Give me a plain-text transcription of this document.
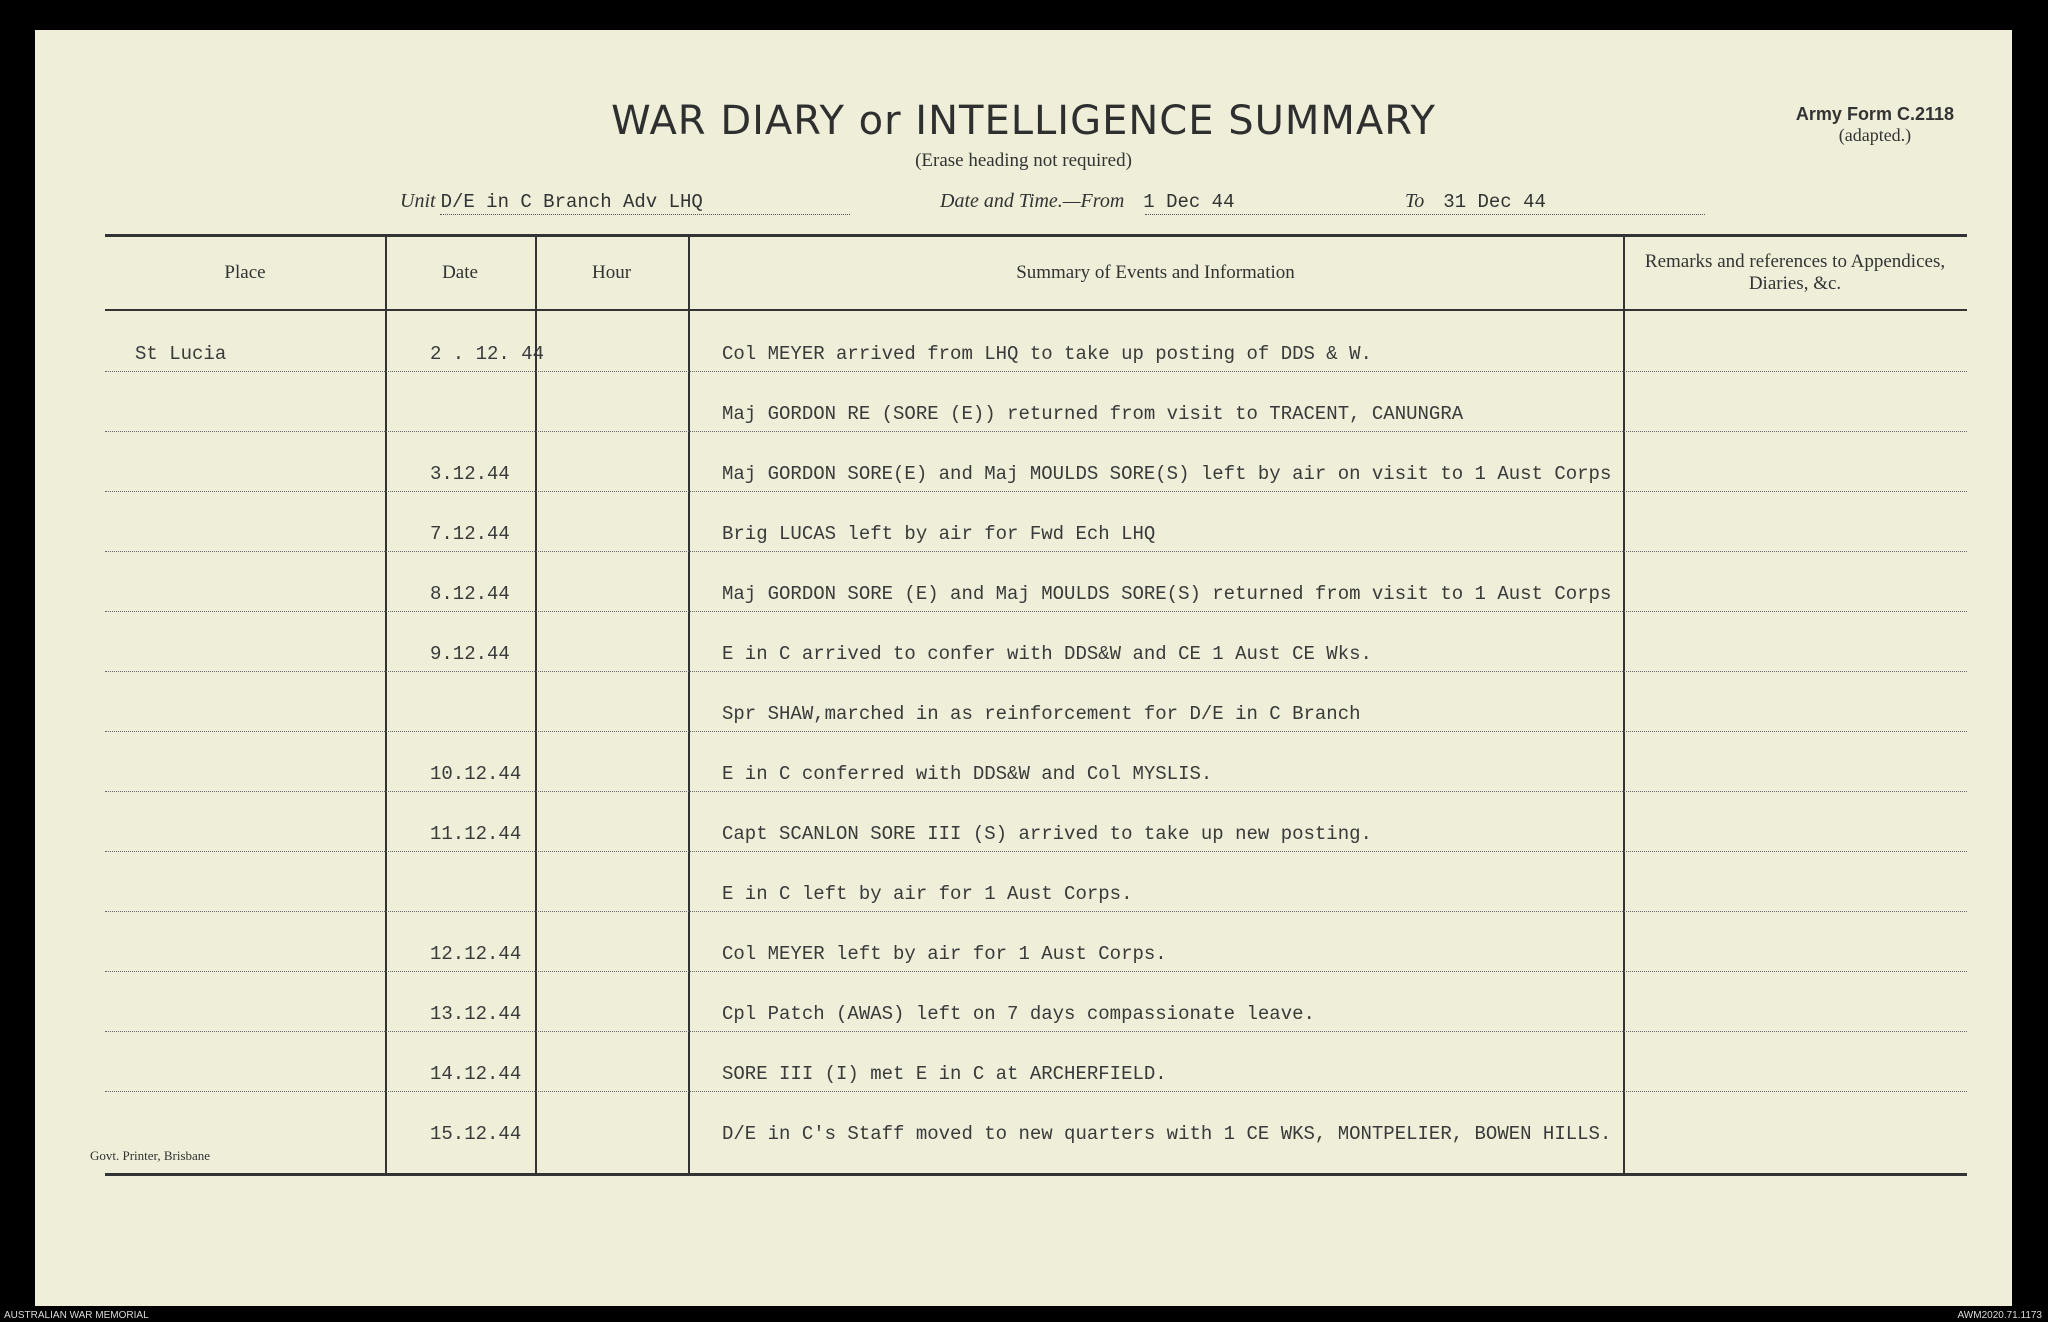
WAR DIARY or INTELLIGENCE SUMMARY
(Erase heading not required)
Army Form C.2118
(adapted.)
Unit D/E in C Branch Adv LHQ	Date and Time.—From 1 Dec 44	To 31 Dec 44
Place	Date	Hour	Summary of Events and Information
Remarks and references to Appendices, Diaries, &c.
St Lucia	2 . 12. 44	Col MEYER arrived from LHQ to take up posting of DDS & W.
Maj GORDON RE (SORE (E)) returned from visit to TRACENT, CANUNGRA
3.12.44	Maj GORDON SORE(E) and Maj MOULDS SORE(S) left by air on visit to 1 Aust Corps
7.12.44	Brig LUCAS left by air for Fwd Ech LHQ
8.12.44	Maj GORDON SORE (E) and Maj MOULDS SORE(S) returned from visit to 1 Aust Corps
9.12.44	E in C arrived to confer with DDS&W and CE 1 Aust CE Wks.
Spr SHAW,marched in as reinforcement for D/E in C Branch
10.12.44	E in C conferred with DDS&W and Col MYSLIS.
11.12.44	Capt SCANLON SORE III (S) arrived to take up new posting.
E in C left by air for 1 Aust Corps.
12.12.44	Col MEYER left by air for 1 Aust Corps.
13.12.44	Cpl Patch (AWAS) left on 7 days compassionate leave.
14.12.44	SORE III (I) met E in C at ARCHERFIELD.
15.12.44	D/E in C's Staff moved to new quarters with 1 CE WKS, MONTPELIER, BOWEN HILLS.
Govt. Printer, Brisbane
AUSTRALIAN WAR MEMORIAL	AWM2020.71.1173
